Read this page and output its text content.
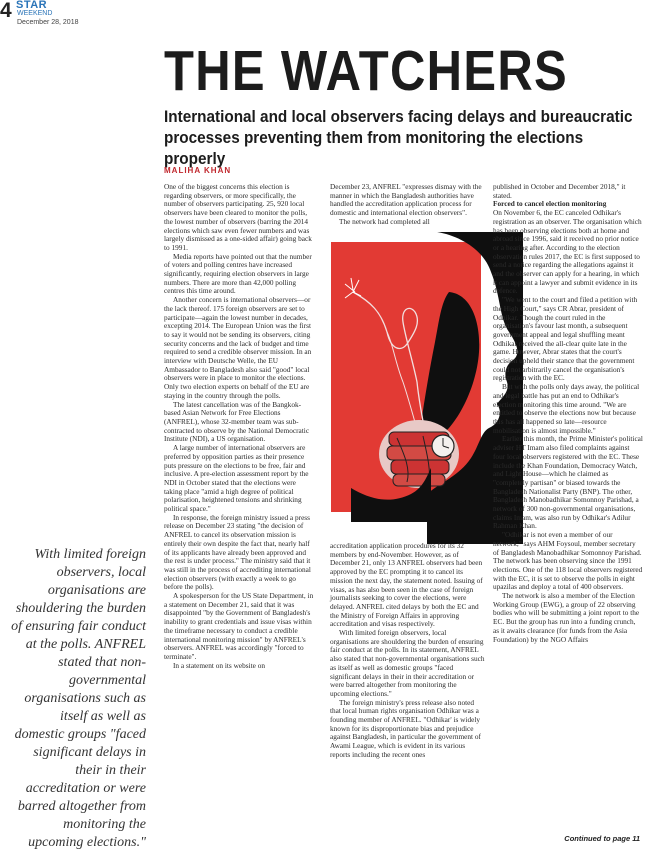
4 STAR
WEEKEND
December 28, 2018
THE WATCHERS
International and local observers facing delays and bureaucratic processes preventing them from monitoring the elections properly
MALIHA KHAN

One of the biggest concerns this election is regarding observers, or more specifically, the number of observers participating. 25, 920 local observers have been cleared to monitor the polls, the lowest number of observers (barring the 2014 elections which saw even fewer numbers and was largely dismissed as a one-sided affair) going back to 1991.

Media reports have pointed out that the number of voters and polling centres have increased significantly, requiring election observers in large numbers. There are more than 42,000 polling centres this time around.

Another concern is international observers—or the lack thereof. 175 foreign observers are set to participate—again the lowest number in decades, excepting 2014. The European Union was the first to say it would not be sending its observers, citing security concerns and the lack of budget and time required to send a credible observer mission. In an interview with Deutsche Welle, the EU Ambassador to Bangladesh also said "good" local observers were in place to monitor the elections. Only two election experts on behalf of the EU are staying in the country through the polls.

The latest cancellation was of the Bangkok-based Asian Network for Free Elections (ANFREL), whose 32-member team was sub-contracted to observe by the National Democratic Institute (NDI), a US organisation.

A large number of international observers are preferred by opposition parties as their presence puts pressure on the elections to be free, fair and inclusive. A pre-election assessment report by the NDI in October stated that the elections were taking place "amid a high degree of political polarisation, heightened tensions and shrinking political space."

In response, the foreign ministry issued a press release on December 23 stating "the decision of ANFREL to cancel its observation mission is entirely their own despite the fact that, nearly half of its applicants have already been approved and the rest is under process." The ministry said that it was still in the process of accrediting international election observers (with exactly a week to go before the polls).

A spokesperson for the US State Department, in a statement on December 21, said that it was disappointed "by the Government of Bangladesh's inability to grant credentials and issue visas within the timeframe necessary to conduct a credible international monitoring mission" by ANFREL's observers. ANFREL was accordingly "forced to terminate".

In a statement on its website on

December 23, ANFREL "expresses dismay with the manner in which the Bangladesh authorities have handled the accreditation application process for domestic and international election observers".

The network had completed all

accreditation application procedures for its 32 members by end-November. However, as of December 21, only 13 ANFREL observers had been approved by the EC prompting it to cancel its mission the next day, the statement noted. Issuing of visas, as has also been seen in the case of foreign journalists seeking to cover the elections, were delayed. ANFREL cited delays by both the EC and the Ministry of Foreign Affairs in approving accreditation and visas respectively.

With limited foreign observers, local organisations are shouldering the burden of ensuring fair conduct at the polls. In its statement, ANFREL also stated that non-governmental organisations such as itself as well as domestic groups "faced significant delays in their in their accreditation or were barred altogether from monitoring the upcoming elections."

The foreign ministry's press release also noted that local human rights organisation Odhikar was a founding member of ANFREL. "Odhikar' is widely known for its disproportionate bias and prejudice against Bangladesh, in particular the government of Awami League, which is evident in its various reports including the recent ones

published in October and December 2018," it stated.

Forced to cancel election monitoring

On November 6, the EC canceled Odhikar's registration as an observer. The organisation which has been observing elections both at home and abroad since 1996, said it received no prior notice or a hearing after. According to the election observation rules 2017, the EC is first supposed to send a notice regarding the allegations against it and the observer can apply for a hearing, in which it can appoint a lawyer and submit evidence in its defence.

"We went to the court and filed a petition with the High Court," says CR Abrar, president of Odhikar. Though the court ruled in the organisation's favour last month, a subsequent government appeal and legal shuffling meant Odhikar received the all-clear quite late in the game. However, Abrar states that the court's decision upheld their stance that the government could not arbitrarily cancel the organisation's registration with the EC.

But with the polls only days away, the political and legal battle has put an end to Odhikar's election monitoring this time around. "We are entitled to observe the elections now but because this has all happened so late—resource mobilisation is almost impossible."

Earlier this month, the Prime Minister's political adviser HT Imam also filed complaints against four local observers registered with the EC. These include the Khan Foundation, Democracy Watch, and Light House—which he claimed as "completely partisan" or biased towards the Bangladesh Nationalist Party (BNP). The other, Bangladesh Manobadhikar Somonnoy Parishad, a network of 300 non-governmental organisations, claims Imam, was also run by Odhikar's Adilur Rahman Khan.

"Odhikar is not even a member of our network," says AHM Foysoul, member secretary of Bangladesh Manobadhikar Somonnoy Parishad. The network has been observing since the 1991 elections. One of the 118 local observers registered with the EC, it is set to observe the polls in eight upazilas and deploy a total of 400 observers.

The network is also a member of the Election Working Group (EWG), a group of 22 observing bodies who will be submitting a joint report to the EC. But the group has run into a funding crunch, as it awaits clearance (for funds from the Asia Foundation) by the NGO Affairs

With limited foreign observers, local organisations are shouldering the burden of ensuring fair conduct at the polls. ANFREL stated that non-governmental organisations such as itself as well as domestic groups "faced significant delays in their in their accreditation or were barred altogether from monitoring the upcoming elections."	Continued to page 11
